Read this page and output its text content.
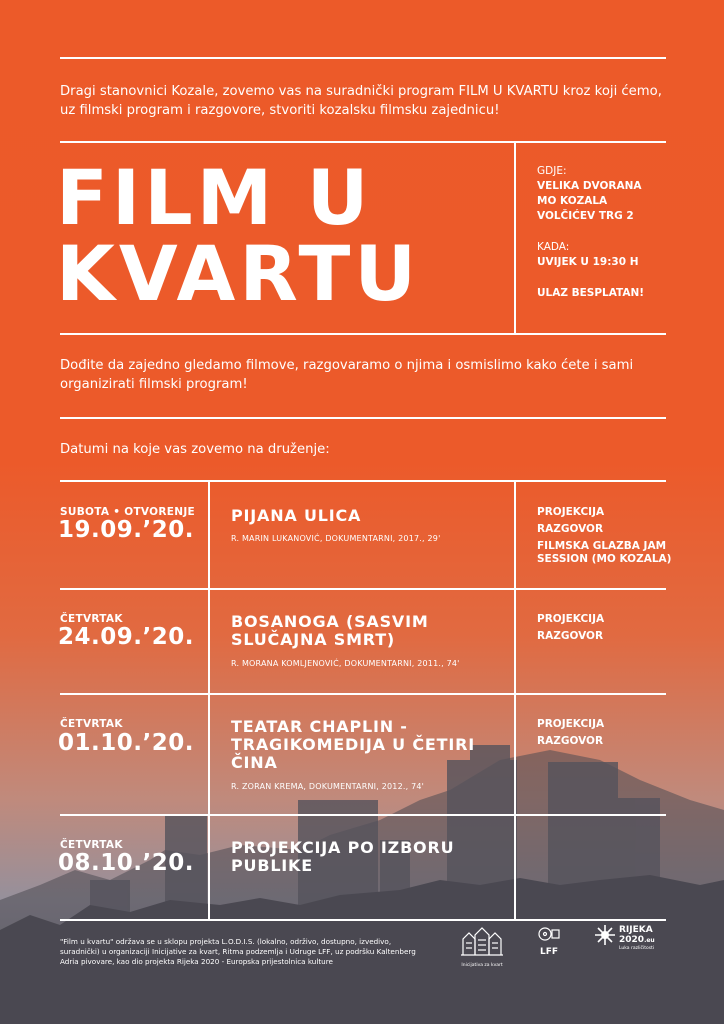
Dragi stanovnici Kozale, zovemo vas na suradnički program FILM U KVARTU kroz koji ćemo, uz filmski program i razgovore, stvoriti kozalsku filmsku zajednicu!

FILM U
KVARTU
GDJE:
VELIKA DVORANA
MO KOZALA
VOLČIĆEV TRG 2
KADA:
UVIJEK U 19:30 H
ULAZ BESPLATAN!

Dođite da zajedno gledamo filmove, razgovaramo o njima i osmislimo kako ćete i sami organizirati filmski program!

Datumi na koje vas zovemo na druženje:

SUBOTA • OTVORENJE
19.09.’20.
PIJANA ULICA
R. MARIN LUKANOVIĆ, DOKUMENTARNI, 2017., 29'
PROJEKCIJA
RAZGOVOR
FILMSKA GLAZBA JAM SESSION (MO KOZALA)
ČETVRTAK
24.09.’20.
BOSANOGA (SASVIM SLUČAJNA SMRT)
R. MORANA KOMLJENOVIĆ, DOKUMENTARNI, 2011., 74'
PROJEKCIJA
RAZGOVOR
ČETVRTAK
01.10.’20.
TEATAR CHAPLIN - TRAGIKOMEDIJA U ČETIRI ČINA
R. ZORAN KREMA, DOKUMENTARNI, 2012., 74'
PROJEKCIJA
RAZGOVOR
ČETVRTAK
08.10.’20.
PROJEKCIJA PO IZBORU PUBLIKE

"Film u kvartu" održava se u sklopu projekta L.O.D.I.S. (lokalno, održivo, dostupno, izvedivo, suradnički) u organizaciji Inicijative za kvart, Ritma podzemlja i Udruge LFF, uz podršku Kaltenberg Adria pivovare, kao dio projekta Rijeka 2020 - Europska prijestolnica kulture	Inicijativa za kvart
LFF
RIJEKA
2020.eu
Luka različitosti
